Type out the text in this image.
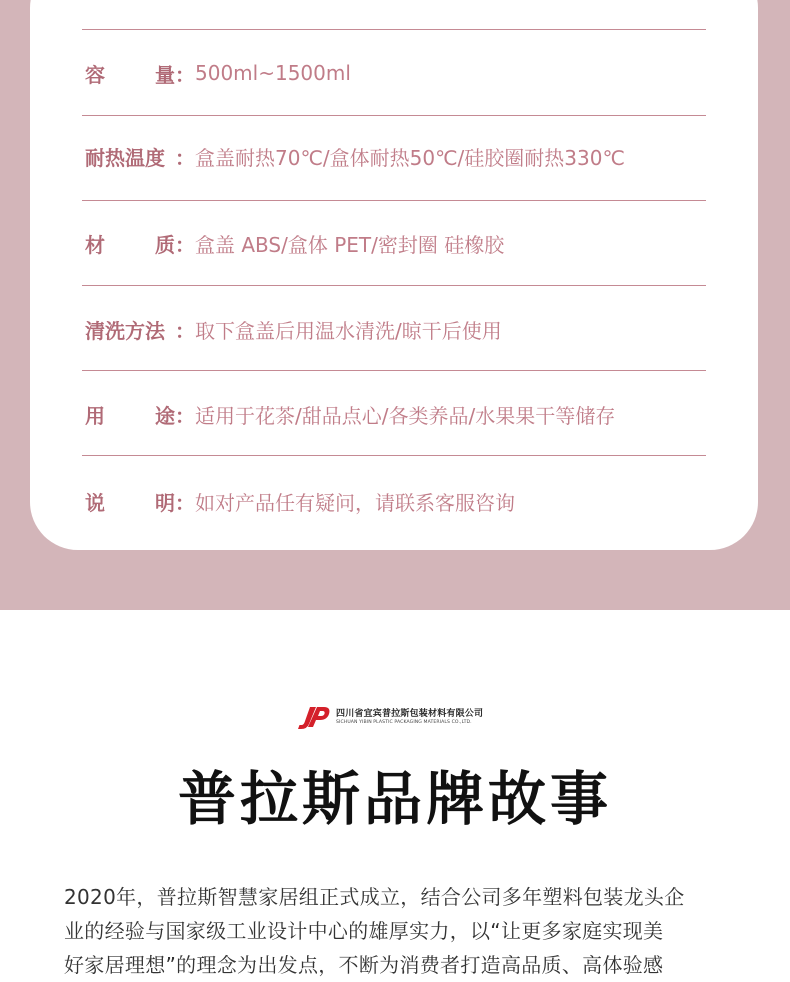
容	量 ： 500ml~1500ml
耐热温度 ： 盒盖耐热70℃/盒体耐热50℃/硅胶圈耐热330℃
材	质 ： 盒盖 ABS/盒体 PET/密封圈 硅橡胶
清洗方法 ： 取下盒盖后用温水清洗/晾干后使用
用	途 ： 适用于花茶/甜品点心/各类养品/水果果干等储存
说	明 ： 如对产品任有疑问，请联系客服咨询
四川省宜宾普拉斯包装材料有限公司
SICHUAN YIBIN PLASTIC PACKAGING MATERIALS CO.,LTD.
普拉斯品牌故事
2020年，普拉斯智慧家居组正式成立，结合公司多年塑料包装龙头企
业的经验与国家级工业设计中心的雄厚实力，以“让更多家庭实现美
好家居理想”的理念为出发点，不断为消费者打造高品质、高体验感
